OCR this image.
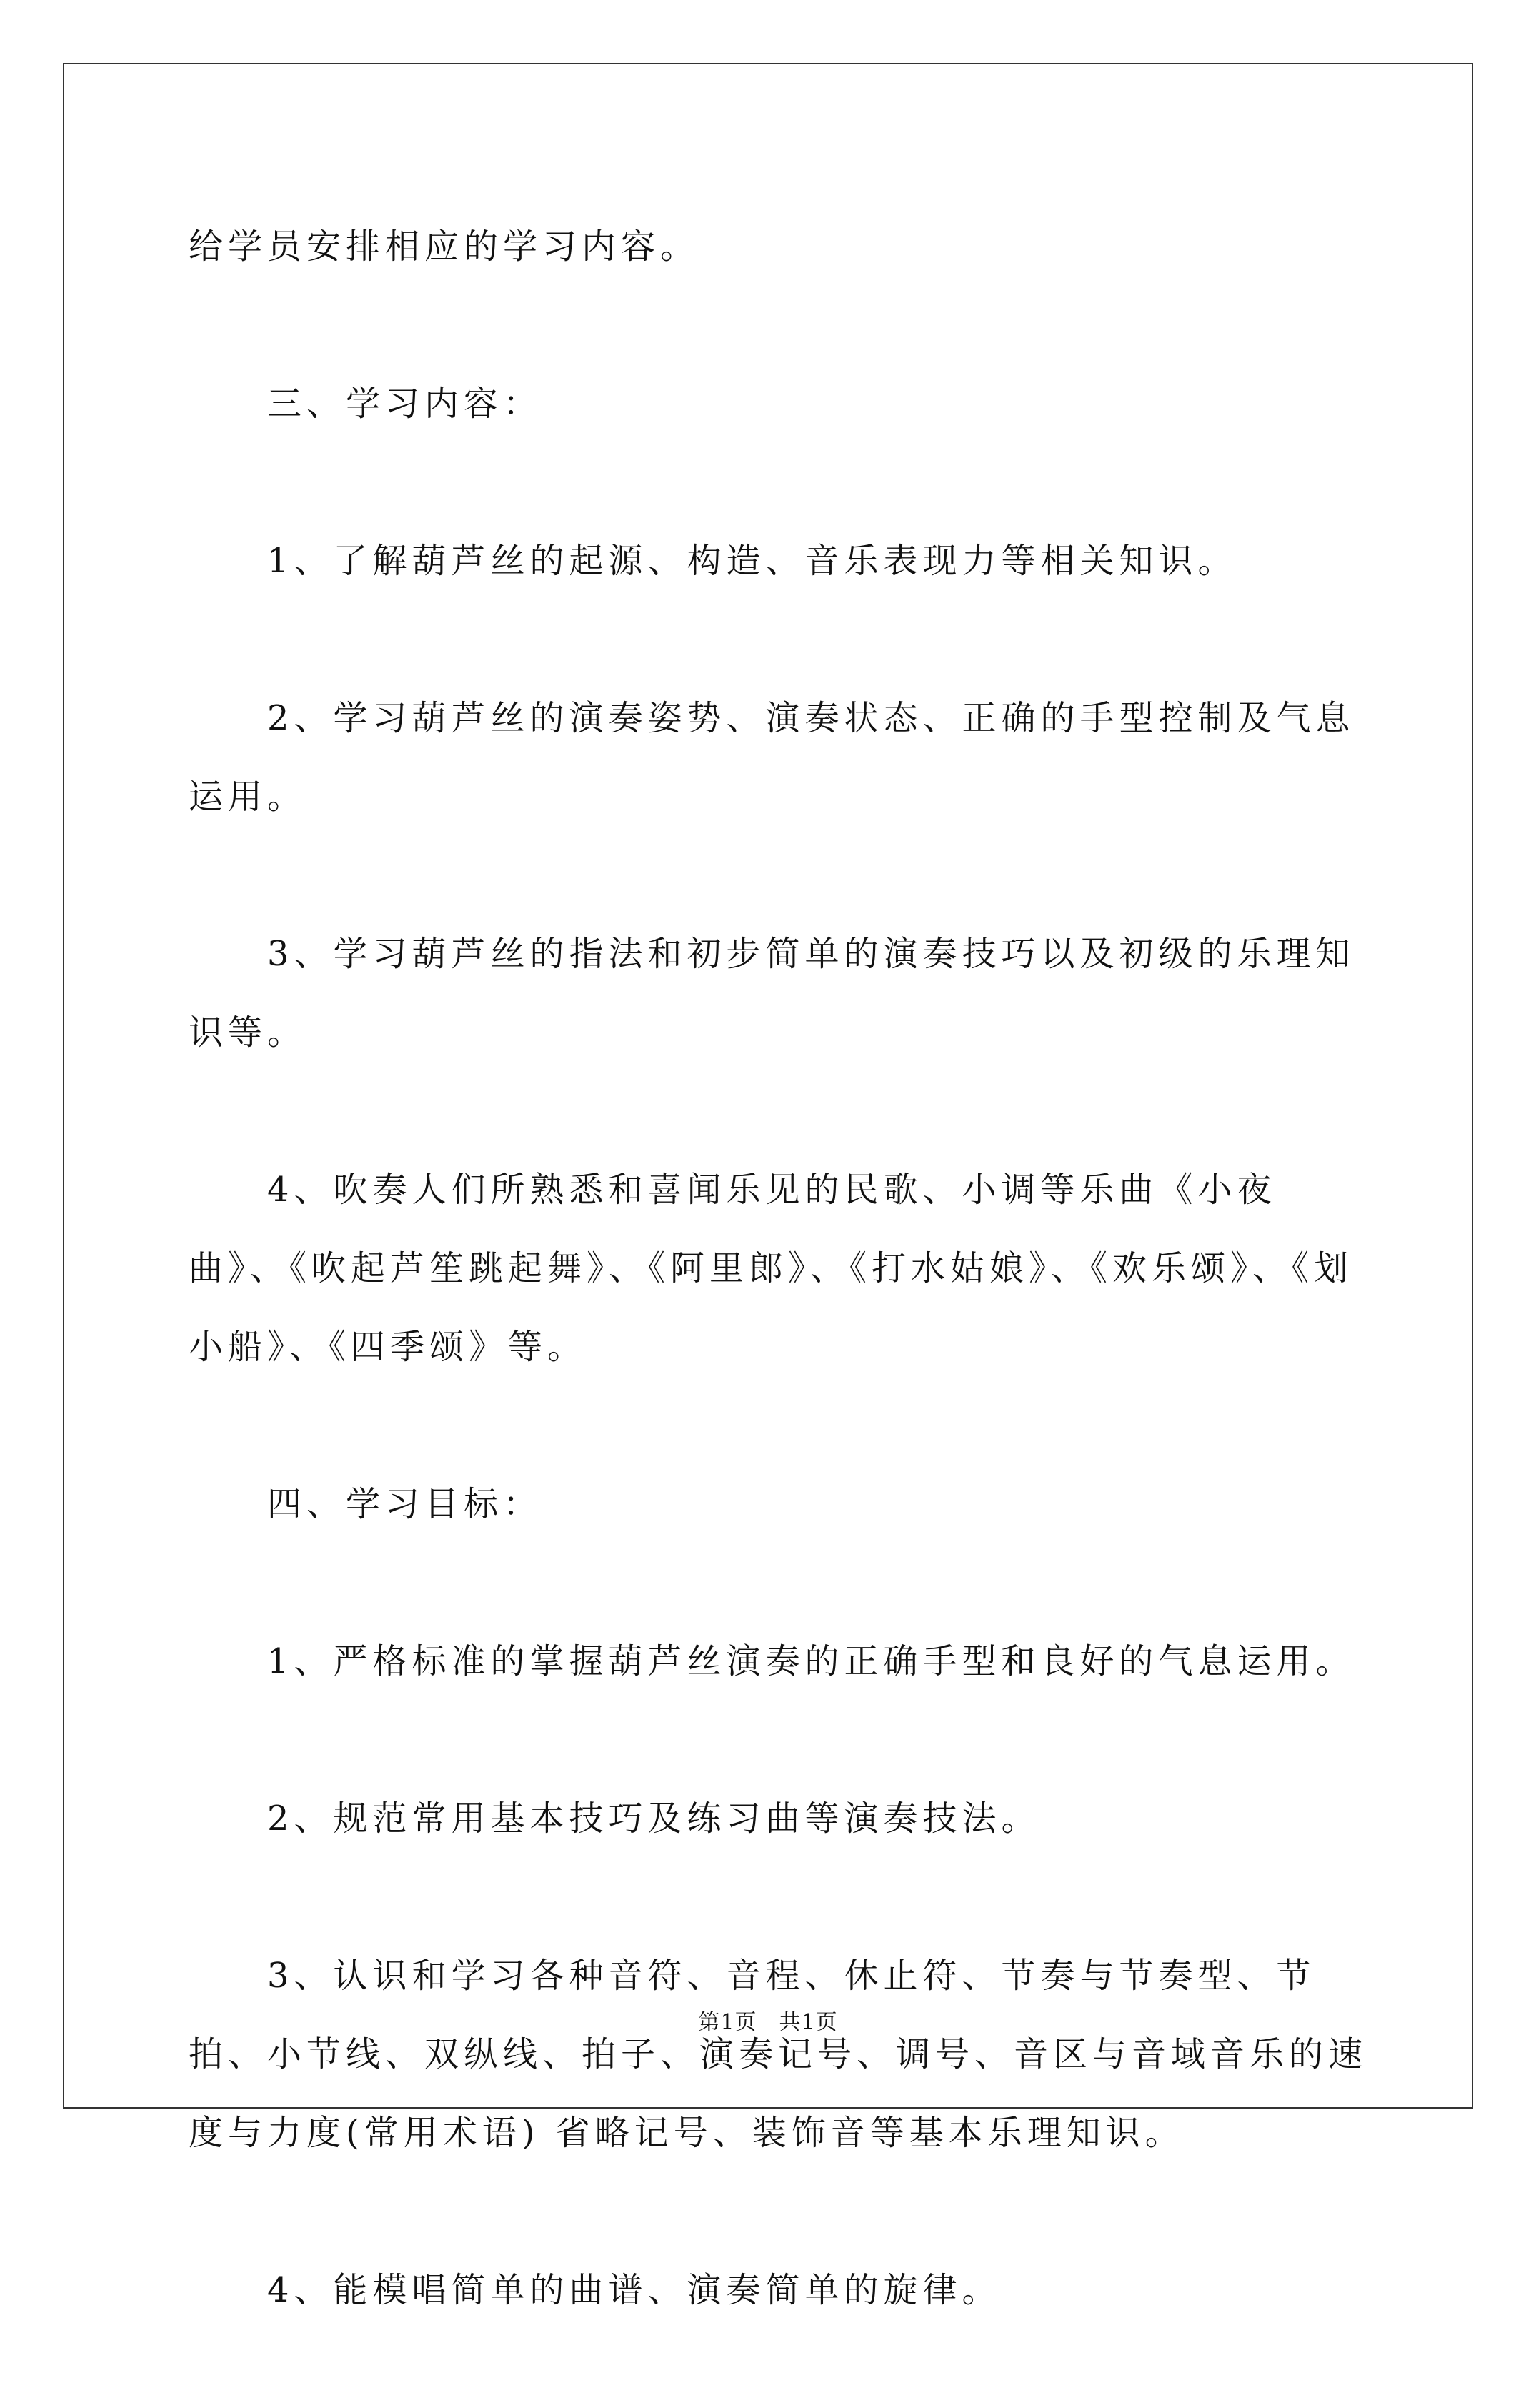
给学员安排相应的学习内容。

三、学习内容：

1、了解葫芦丝的起源、构造、音乐表现力等相关知识。

2、学习葫芦丝的演奏姿势、演奏状态、正确的手型控制及气息运用。

3、学习葫芦丝的指法和初步简单的演奏技巧以及初级的乐理知识等。

4、吹奏人们所熟悉和喜闻乐见的民歌、小调等乐曲《小夜曲》、《吹起芦笙跳起舞》、《阿里郎》、《打水姑娘》、《欢乐颂》、《划小船》、《四季颂》等。

四、学习目标：

1、严格标准的掌握葫芦丝演奏的正确手型和良好的气息运用。

2、规范常用基本技巧及练习曲等演奏技法。

3、认识和学习各种音符、音程、休止符、节奏与节奏型、节拍、小节线、双纵线、拍子、演奏记号、调号、音区与音域音乐的速度与力度(常用术语) 省略记号、装饰音等基本乐理知识。

4、能模唱简单的曲谱、演奏简单的旋律。

第1页　共1页
